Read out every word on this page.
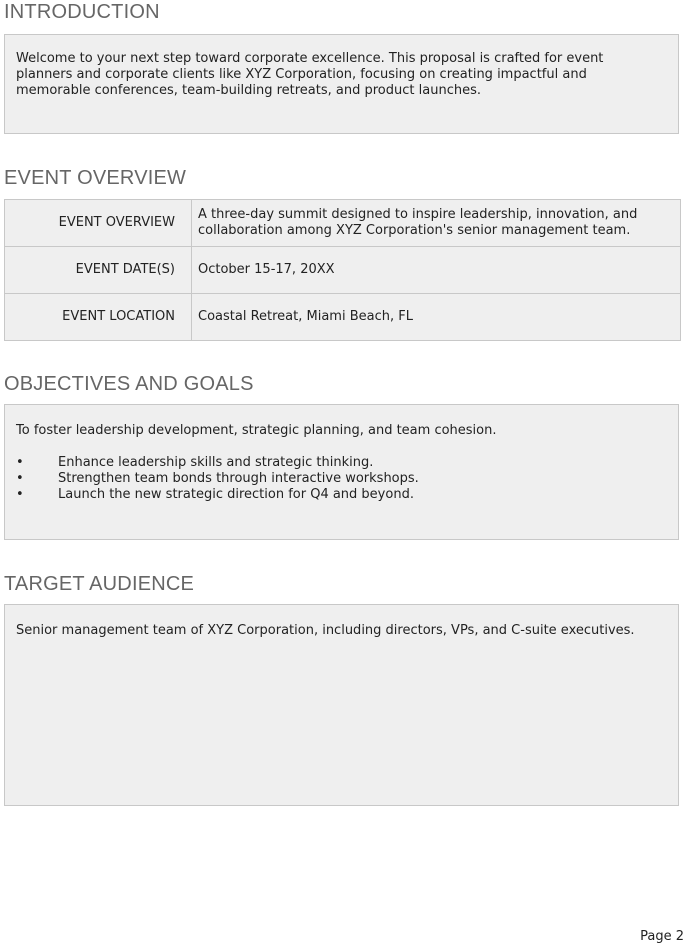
INTRODUCTION

Welcome to your next step toward corporate excellence. This proposal is crafted for event planners and corporate clients like XYZ Corporation, focusing on creating impactful and memorable conferences, team-building retreats, and product launches.

EVENT OVERVIEW
EVENT OVERVIEW	A three-day summit designed to inspire leadership, innovation, and collaboration among XYZ Corporation's senior management team.
EVENT DATE(S)	October 15-17, 20XX
EVENT LOCATION	Coastal Retreat, Miami Beach, FL
OBJECTIVES AND GOALS

To foster leadership development, strategic planning, and team cohesion.

•	Enhance leadership skills and strategic thinking.
•	Strengthen team bonds through interactive workshops.
•	Launch the new strategic direction for Q4 and beyond.
TARGET AUDIENCE

Senior management team of XYZ Corporation, including directors, VPs, and C-suite executives.

Page 2
